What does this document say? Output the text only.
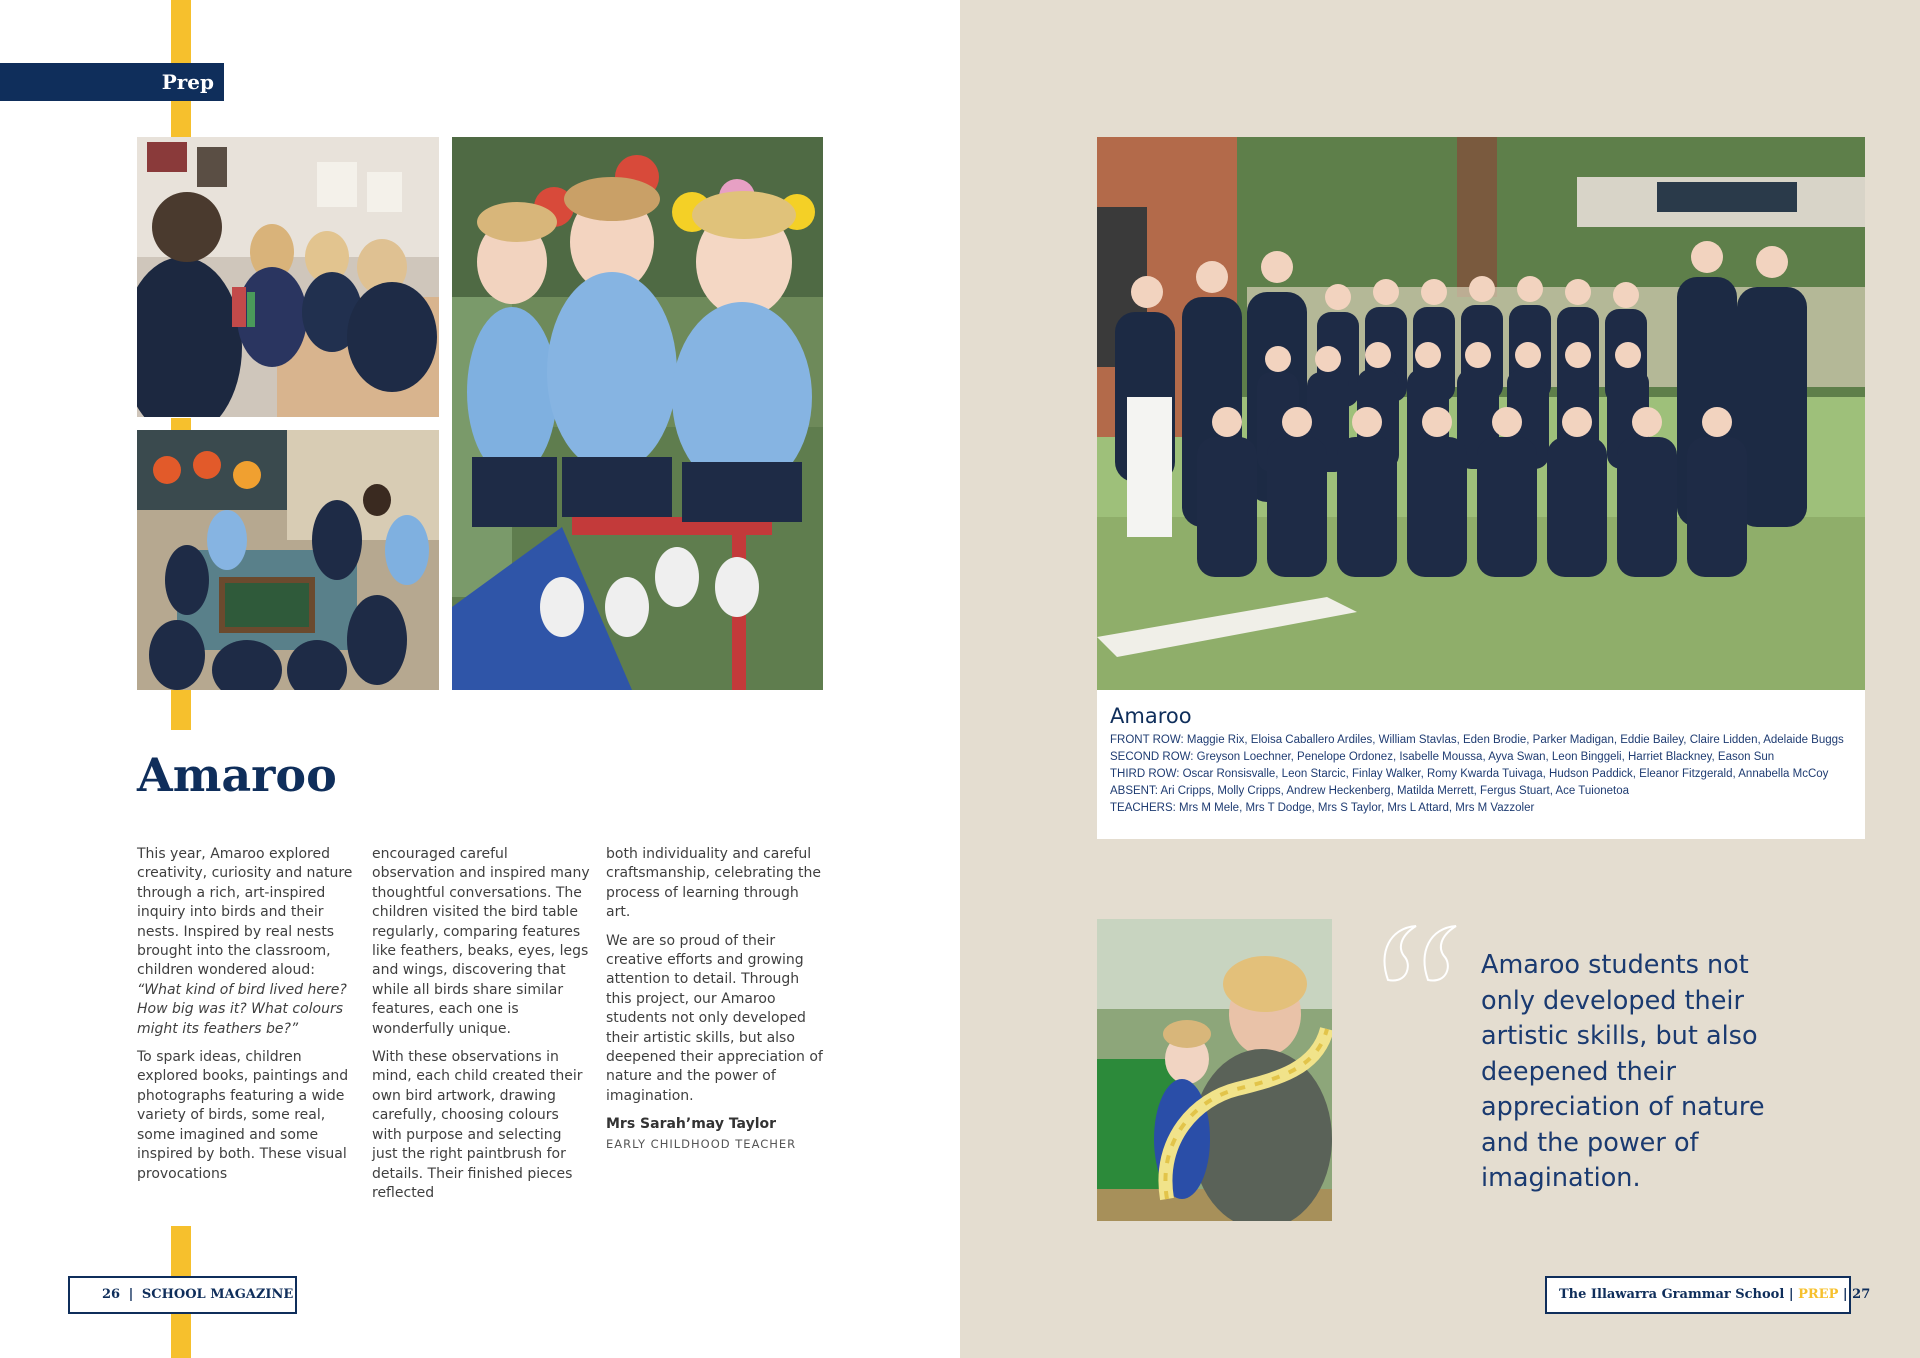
Prep
Amaroo

This year, Amaroo explored creativity, curiosity and nature through a rich, art-inspired inquiry into birds and their nests. Inspired by real nests brought into the classroom, children wondered aloud: “What kind of bird lived here? How big was it? What colours might its feathers be?”

To spark ideas, children explored books, paintings and photographs featuring a wide variety of birds, some real, some imagined and some inspired by both. These visual provocations

encouraged careful observation and inspired many thoughtful conversations. The children visited the bird table regularly, comparing features like feathers, beaks, eyes, legs and wings, discovering that while all birds share similar features, each one is wonderfully unique.

With these observations in mind, each child created their own bird artwork, drawing carefully, choosing colours with purpose and selecting just the right paintbrush for details. Their finished pieces reflected

both individuality and careful craftsmanship, celebrating the process of learning through art.

We are so proud of their creative efforts and growing attention to detail. Through this project, our Amaroo students not only developed their artistic skills, but also deepened their appreciation of nature and the power of imagination.

Mrs Sarah’may Taylor
EARLY CHILDHOOD TEACHER
26 | SCHOOL MAGAZINE
Amaroo
FRONT ROW: Maggie Rix, Eloisa Caballero Ardiles, William Stavlas, Eden Brodie, Parker Madigan, Eddie Bailey, Claire Lidden, Adelaide Buggs
SECOND ROW: Greyson Loechner, Penelope Ordonez, Isabelle Moussa, Ayva Swan, Leon Binggeli, Harriet Blackney, Eason Sun
THIRD ROW: Oscar Ronsisvalle, Leon Starcic, Finlay Walker, Romy Kwarda Tuivaga, Hudson Paddick, Eleanor Fitzgerald, Annabella McCoy
ABSENT: Ari Cripps, Molly Cripps, Andrew Heckenberg, Matilda Merrett, Fergus Stuart, Ace Tuionetoa
TEACHERS: Mrs M Mele, Mrs T Dodge, Mrs S Taylor, Mrs L Attard, Mrs M Vazzoler
Amaroo students not only developed their artistic skills, but also deepened their appreciation of nature and the power of imagination.
The Illawarra Grammar School | PREP | 27
